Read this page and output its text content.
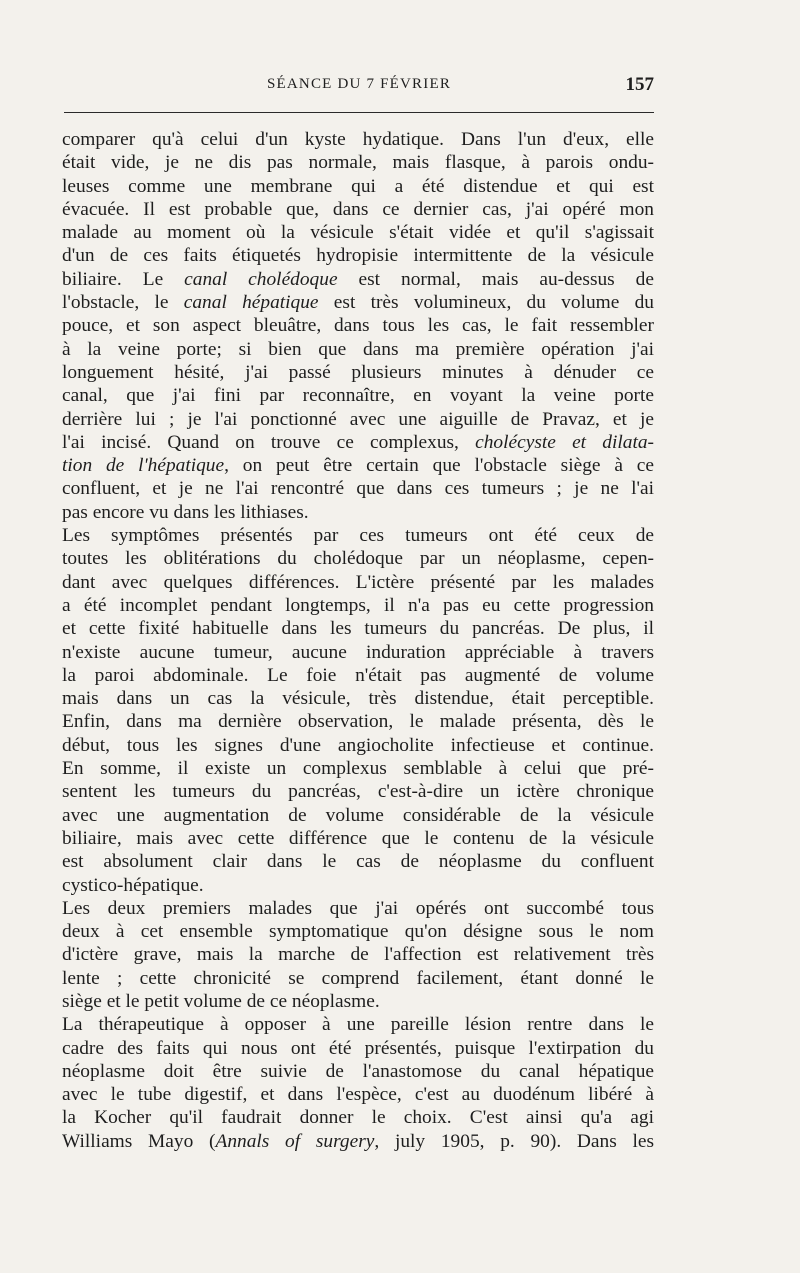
SÉANCE DU 7 FÉVRIER	157
comparer qu'à celui d'un kyste hydatique. Dans l'un d'eux, elle
était vide, je ne dis pas normale, mais flasque, à parois ondu-
leuses comme une membrane qui a été distendue et qui est
évacuée. Il est probable que, dans ce dernier cas, j'ai opéré mon
malade au moment où la vésicule s'était vidée et qu'il s'agissait
d'un de ces faits étiquetés hydropisie intermittente de la vésicule
biliaire. Le canal cholédoque est normal, mais au-dessus de
l'obstacle, le canal hépatique est très volumineux, du volume du
pouce, et son aspect bleuâtre, dans tous les cas, le fait ressembler
à la veine porte; si bien que dans ma première opération j'ai
longuement hésité, j'ai passé plusieurs minutes à dénuder ce
canal, que j'ai fini par reconnaître, en voyant la veine porte
derrière lui ; je l'ai ponctionné avec une aiguille de Pravaz, et je
l'ai incisé. Quand on trouve ce complexus, cholécyste et dilata-
tion de l'hépatique, on peut être certain que l'obstacle siège à ce
confluent, et je ne l'ai rencontré que dans ces tumeurs ; je ne l'ai
pas encore vu dans les lithiases.
Les symptômes présentés par ces tumeurs ont été ceux de
toutes les oblitérations du cholédoque par un néoplasme, cepen-
dant avec quelques différences. L'ictère présenté par les malades
a été incomplet pendant longtemps, il n'a pas eu cette progression
et cette fixité habituelle dans les tumeurs du pancréas. De plus, il
n'existe aucune tumeur, aucune induration appréciable à travers
la paroi abdominale. Le foie n'était pas augmenté de volume
mais dans un cas la vésicule, très distendue, était perceptible.
Enfin, dans ma dernière observation, le malade présenta, dès le
début, tous les signes d'une angiocholite infectieuse et continue.
En somme, il existe un complexus semblable à celui que pré-
sentent les tumeurs du pancréas, c'est-à-dire un ictère chronique
avec une augmentation de volume considérable de la vésicule
biliaire, mais avec cette différence que le contenu de la vésicule
est absolument clair dans le cas de néoplasme du confluent
cystico-hépatique.
Les deux premiers malades que j'ai opérés ont succombé tous
deux à cet ensemble symptomatique qu'on désigne sous le nom
d'ictère grave, mais la marche de l'affection est relativement très
lente ; cette chronicité se comprend facilement, étant donné le
siège et le petit volume de ce néoplasme.
La thérapeutique à opposer à une pareille lésion rentre dans le
cadre des faits qui nous ont été présentés, puisque l'extirpation du
néoplasme doit être suivie de l'anastomose du canal hépatique
avec le tube digestif, et dans l'espèce, c'est au duodénum libéré à
la Kocher qu'il faudrait donner le choix. C'est ainsi qu'a agi
Williams Mayo (Annals of surgery, july 1905, p. 90). Dans les
